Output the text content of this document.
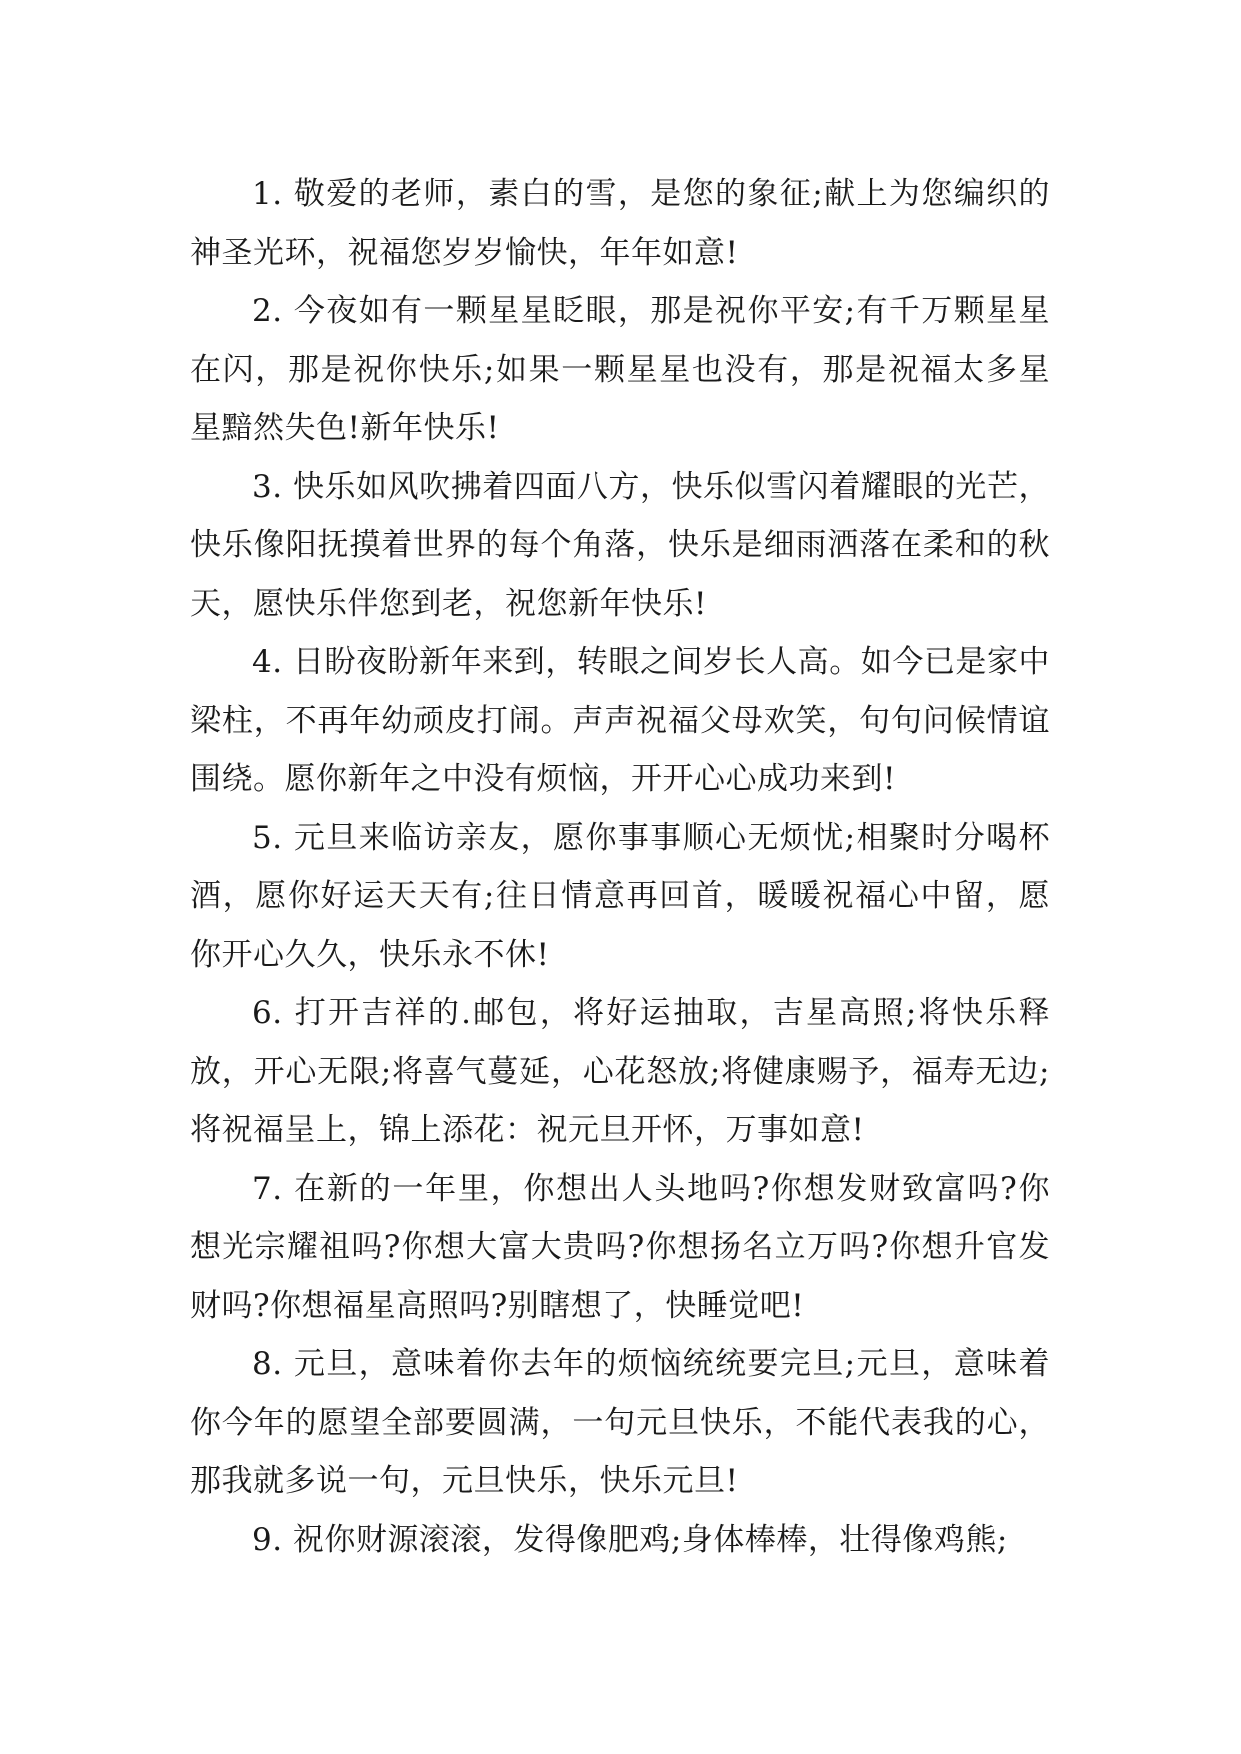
1. 敬爱的老师，素白的雪，是您的象征;献上为您编织的神圣光环，祝福您岁岁愉快，年年如意!

2. 今夜如有一颗星星眨眼，那是祝你平安;有千万颗星星在闪，那是祝你快乐;如果一颗星星也没有，那是祝福太多星星黯然失色!新年快乐!

3. 快乐如风吹拂着四面八方，快乐似雪闪着耀眼的光芒，快乐像阳抚摸着世界的每个角落，快乐是细雨洒落在柔和的秋天，愿快乐伴您到老，祝您新年快乐!

4. 日盼夜盼新年来到，转眼之间岁长人高。如今已是家中梁柱，不再年幼顽皮打闹。声声祝福父母欢笑，句句问候情谊围绕。愿你新年之中没有烦恼，开开心心成功来到!

5. 元旦来临访亲友，愿你事事顺心无烦忧;相聚时分喝杯酒，愿你好运天天有;往日情意再回首，暖暖祝福心中留，愿你开心久久，快乐永不休!

6. 打开吉祥的.邮包，将好运抽取，吉星高照;将快乐释放，开心无限;将喜气蔓延，心花怒放;将健康赐予，福寿无边;将祝福呈上，锦上添花：祝元旦开怀，万事如意!

7. 在新的一年里，你想出人头地吗?你想发财致富吗?你想光宗耀祖吗?你想大富大贵吗?你想扬名立万吗?你想升官发财吗?你想福星高照吗?别瞎想了，快睡觉吧!

8. 元旦，意味着你去年的烦恼统统要完旦;元旦，意味着你今年的愿望全部要圆满，一句元旦快乐，不能代表我的心，那我就多说一句，元旦快乐，快乐元旦!

9. 祝你财源滚滚，发得像肥鸡;身体棒棒，壮得像鸡熊;
